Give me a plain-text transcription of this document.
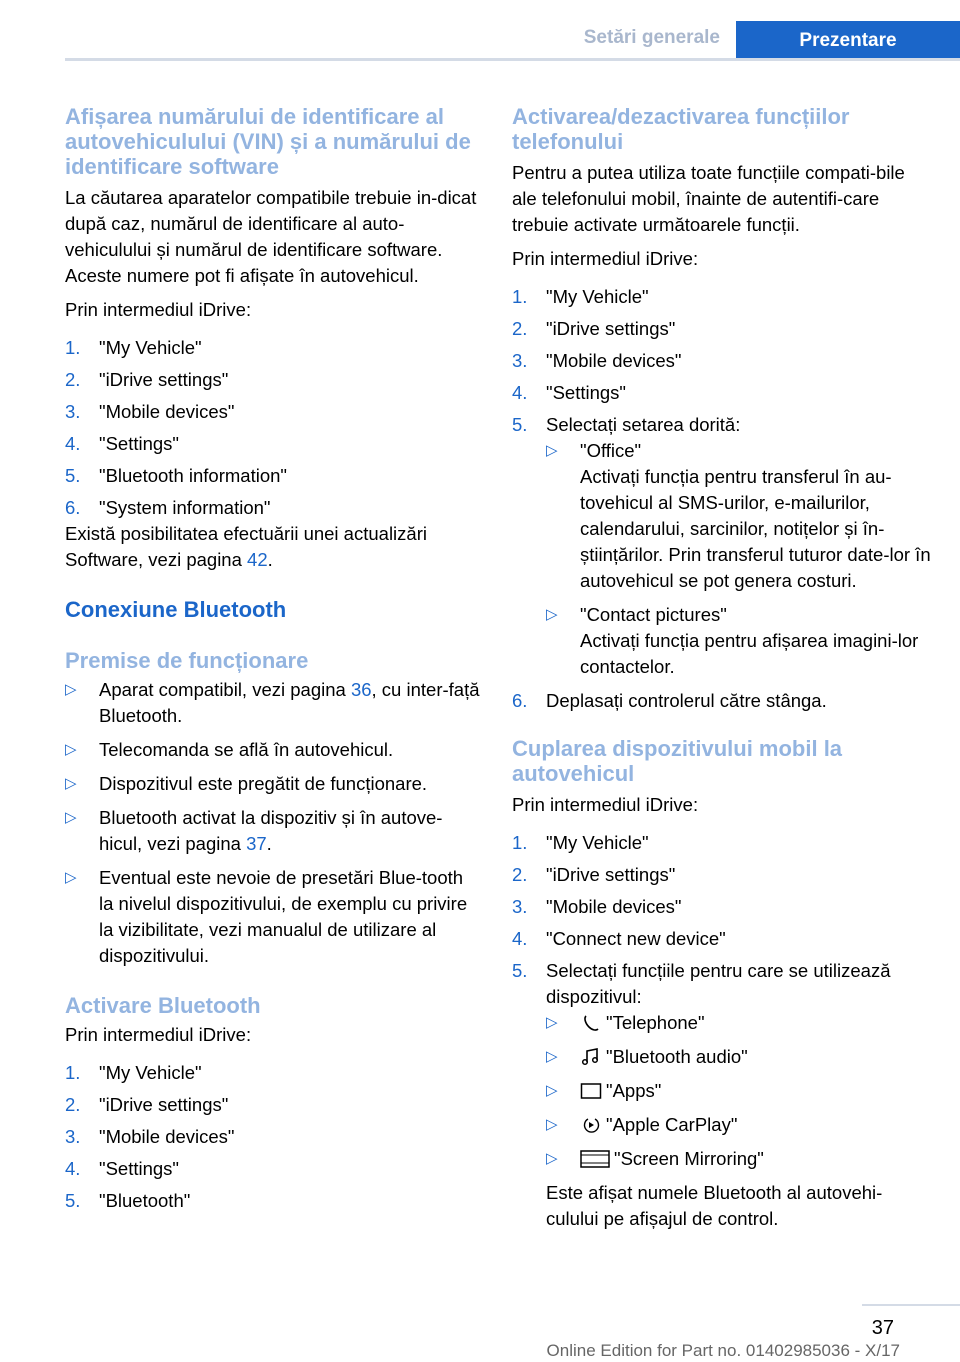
Setări generale	Prezentare
Afișarea numărului de identificare al autovehiculului (VIN) și a numărului de identificare software

La căutarea aparatelor compatibile trebuie in-dicat după caz, numărul de identificare al auto-vehiculului și numărul de identificare software. Aceste numere pot fi afișate în autovehicul.

Prin intermediul iDrive:

1. "My Vehicle"
2. "iDrive settings"
3. "Mobile devices"
4. "Settings"
5. "Bluetooth information"
6. "System information"

Există posibilitatea efectuării unei actualizări Software, vezi pagina 42.

Conexiune Bluetooth
Premise de funcționare
▷ Aparat compatibil, vezi pagina 36, cu inter-față Bluetooth.
▷ Telecomanda se află în autovehicul.
▷ Dispozitivul este pregătit de funcționare.
▷ Bluetooth activat la dispozitiv și în autove-hicul, vezi pagina 37.
▷ Eventual este nevoie de presetări Blue-tooth la nivelul dispozitivului, de exemplu cu privire la vizibilitate, vezi manualul de utilizare al dispozitivului.
Activare Bluetooth

Prin intermediul iDrive:

1. "My Vehicle"
2. "iDrive settings"
3. "Mobile devices"
4. "Settings"
5. "Bluetooth"
Activarea/dezactivarea funcțiilor telefonului

Pentru a putea utiliza toate funcțiile compati-bile ale telefonului mobil, înainte de autentifi-care trebuie activate următoarele funcții.

Prin intermediul iDrive:

1. "My Vehicle"
2. "iDrive settings"
3. "Mobile devices"
4. "Settings"
5. Selectați setarea dorită:
▷ "Office"
Activați funcția pentru transferul în au-tovehicul al SMS-urilor, e-mailurilor, calendarului, sarcinilor, notițelor și în-științărilor. Prin transferul tuturor date-lor în autovehicul se pot genera costuri.
▷ "Contact pictures"
Activați funcția pentru afișarea imagini-lor contactelor.
6. Deplasați controlerul către stânga.
Cuplarea dispozitivului mobil la autovehicul

Prin intermediul iDrive:

1. "My Vehicle"
2. "iDrive settings"
3. "Mobile devices"
4. "Connect new device"
5. Selectați funcțiile pentru care se utilizează dispozitivul:
▷	"Telephone"
▷	"Bluetooth audio"
▷	"Apps"
▷	"Apple CarPlay"
▷	"Screen Mirroring"

Este afișat numele Bluetooth al autovehi-culului pe afișajul de control.

37
Online Edition for Part no. 01402985036 - X/17
